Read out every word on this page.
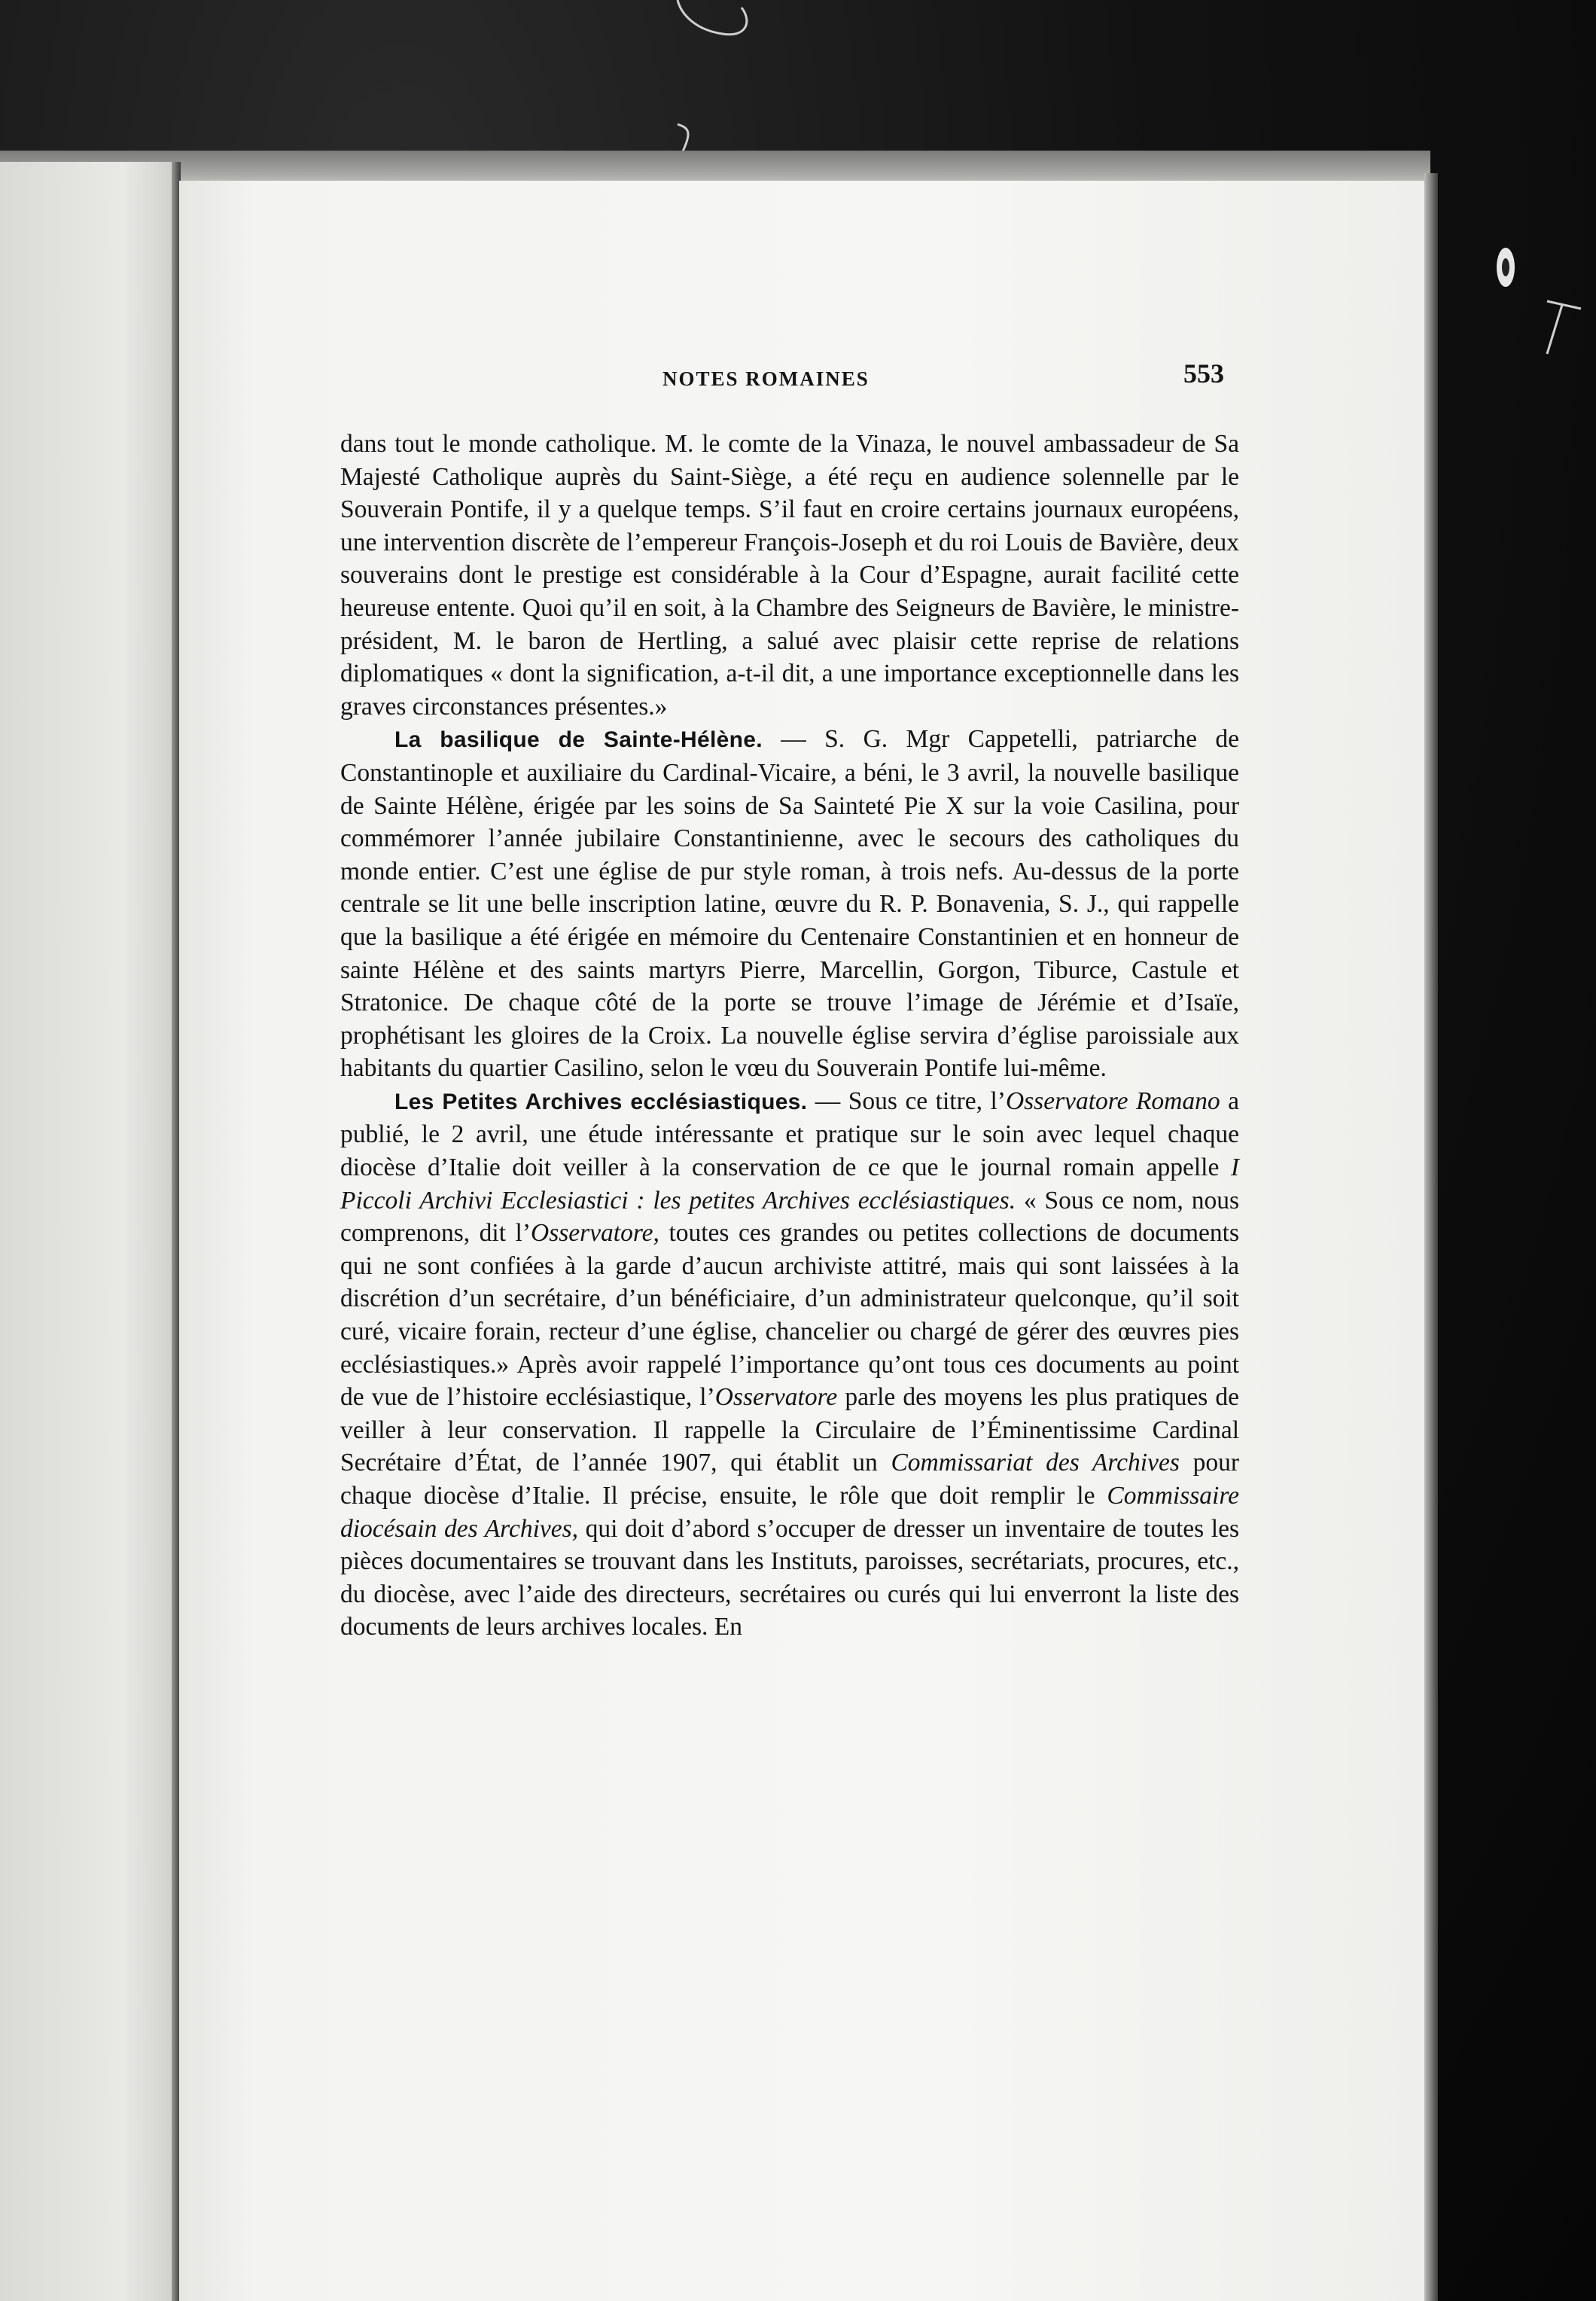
NOTES ROMAINES	553

dans tout le monde catholique. M. le comte de la Vinaza, le nouvel ambassadeur de Sa Majesté Catholique auprès du Saint-Siège, a été reçu en audience solennelle par le Souverain Pontife, il y a quelque temps. S’il faut en croire certains journaux européens, une intervention discrète de l’empereur François-Joseph et du roi Louis de Bavière, deux souverains dont le prestige est considérable à la Cour d’Espagne, aurait facilité cette heureuse entente. Quoi qu’il en soit, à la Chambre des Seigneurs de Bavière, le ministre-président, M. le baron de Hertling, a salué avec plaisir cette reprise de relations diplomatiques « dont la signification, a-t-il dit, a une importance exceptionnelle dans les graves circonstances présentes.»

La basilique de Sainte-Hélène. — S. G. Mgr Cappetelli, patriarche de Constantinople et auxiliaire du Cardinal-Vicaire, a béni, le 3 avril, la nouvelle basilique de Sainte Hélène, érigée par les soins de Sa Sainteté Pie X sur la voie Casilina, pour commémorer l’année jubilaire Constantinienne, avec le secours des catholiques du monde entier. C’est une église de pur style roman, à trois nefs. Au-dessus de la porte centrale se lit une belle inscription latine, œuvre du R. P. Bonavenia, S. J., qui rappelle que la basilique a été érigée en mémoire du Centenaire Constantinien et en honneur de sainte Hélène et des saints martyrs Pierre, Marcellin, Gorgon, Tiburce, Castule et Stratonice. De chaque côté de la porte se trouve l’image de Jérémie et d’Isaïe, prophétisant les gloires de la Croix. La nouvelle église servira d’église paroissiale aux habitants du quartier Casilino, selon le vœu du Souverain Pontife lui-même.

Les Petites Archives ecclésiastiques. — Sous ce titre, l’Osservatore Romano a publié, le 2 avril, une étude intéressante et pratique sur le soin avec lequel chaque diocèse d’Italie doit veiller à la conservation de ce que le journal romain appelle I Piccoli Archivi Ecclesiastici : les petites Archives ecclésiastiques. « Sous ce nom, nous comprenons, dit l’Osservatore, toutes ces grandes ou petites collections de documents qui ne sont confiées à la garde d’aucun archiviste attitré, mais qui sont laissées à la discrétion d’un secrétaire, d’un bénéficiaire, d’un administrateur quelconque, qu’il soit curé, vicaire forain, recteur d’une église, chancelier ou chargé de gérer des œuvres pies ecclésiastiques.» Après avoir rappelé l’importance qu’ont tous ces documents au point de vue de l’histoire ecclésiastique, l’Osservatore parle des moyens les plus pratiques de veiller à leur conservation. Il rappelle la Circulaire de l’Éminentissime Cardinal Secrétaire d’État, de l’année 1907, qui établit un Commissariat des Archives pour chaque diocèse d’Italie. Il précise, ensuite, le rôle que doit remplir le Commissaire diocésain des Archives, qui doit d’abord s’occuper de dresser un inventaire de toutes les pièces documentaires se trouvant dans les Instituts, paroisses, secrétariats, procures, etc., du diocèse, avec l’aide des directeurs, secrétaires ou curés qui lui enverront la liste des documents de leurs archives locales. En
